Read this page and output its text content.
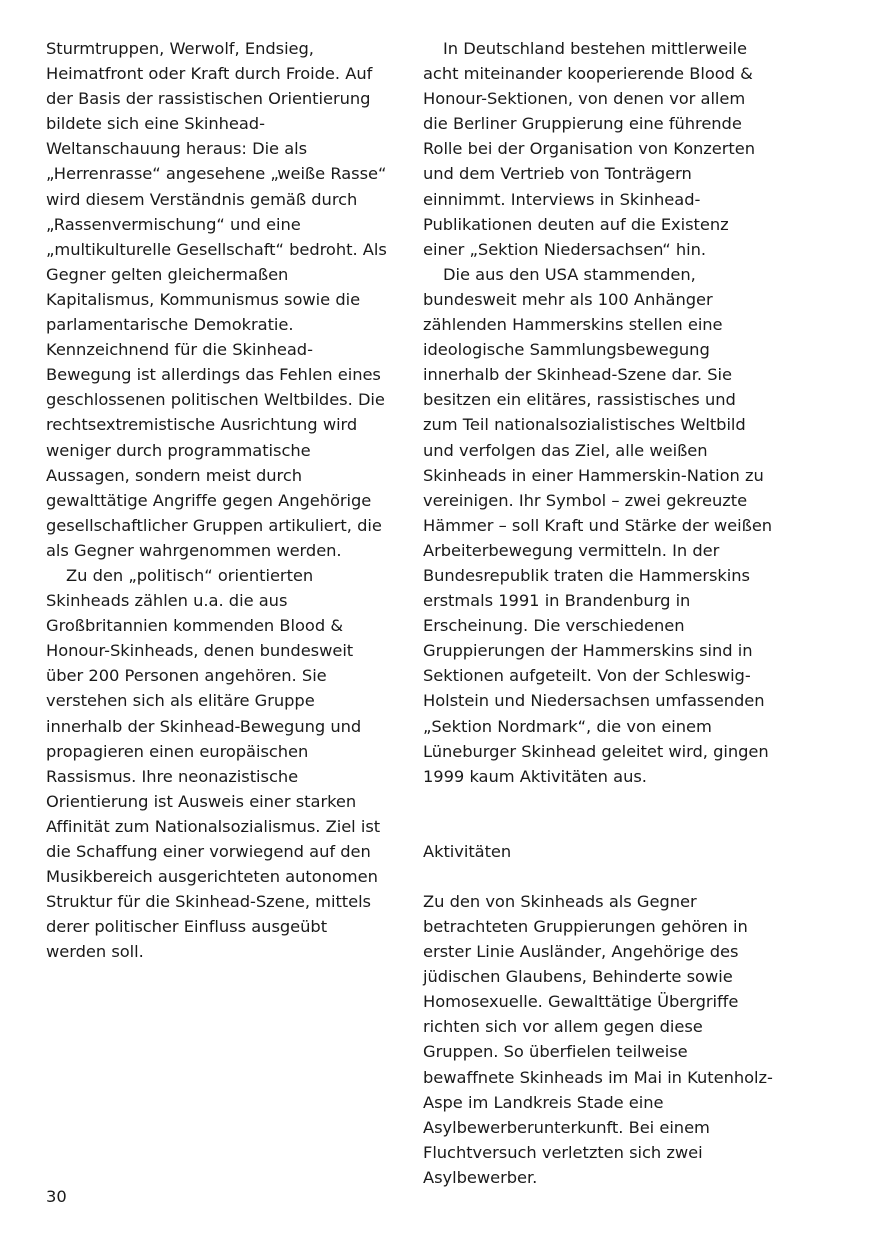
Sturmtruppen, Werwolf, Endsieg, Heimatfront oder Kraft durch Froide. Auf der Basis der rassistischen Orientierung bildete sich eine Skinhead-Weltanschauung heraus: Die als „Herrenrasse“ angesehene „weiße Rasse“ wird diesem Verständnis gemäß durch „Rassenvermischung“ und eine „multikulturelle Gesellschaft“ bedroht. Als Gegner gelten gleichermaßen Kapitalismus, Kommunismus sowie die parlamentarische Demokratie. Kennzeichnend für die Skinhead-Bewegung ist allerdings das Fehlen eines geschlossenen politischen Weltbildes. Die rechtsextremistische Ausrichtung wird weniger durch programmatische Aussagen, sondern meist durch gewalttätige Angriffe gegen Angehörige gesellschaftlicher Gruppen artikuliert, die als Gegner wahrgenommen werden.

Zu den „politisch“ orientierten Skinheads zählen u.a. die aus Großbritannien kommenden Blood & Honour-Skinheads, denen bundesweit über 200 Personen angehören. Sie verstehen sich als elitäre Gruppe innerhalb der Skinhead-Bewegung und propagieren einen europäischen Rassismus. Ihre neonazistische Orientierung ist Ausweis einer starken Affinität zum Nationalsozialismus. Ziel ist die Schaffung einer vorwiegend auf den Musikbereich ausgerichteten autonomen Struktur für die Skinhead-Szene, mittels derer politischer Einfluss ausgeübt werden soll.

In Deutschland bestehen mittlerweile acht miteinander kooperierende Blood & Honour-Sektionen, von denen vor allem die Berliner Gruppierung eine führende Rolle bei der Organisation von Konzerten und dem Vertrieb von Tonträgern einnimmt. Interviews in Skinhead-Publikationen deuten auf die Existenz einer „Sektion Niedersachsen“ hin.

Die aus den USA stammenden, bundesweit mehr als 100 Anhänger zählenden Hammerskins stellen eine ideologische Sammlungsbewegung innerhalb der Skinhead-Szene dar. Sie besitzen ein elitäres, rassistisches und zum Teil nationalsozialistisches Weltbild und verfolgen das Ziel, alle weißen Skinheads in einer Hammerskin-Nation zu vereinigen. Ihr Symbol – zwei gekreuzte Hämmer – soll Kraft und Stärke der weißen Arbeiterbewegung vermitteln. In der Bundesrepublik traten die Hammerskins erstmals 1991 in Brandenburg in Erscheinung. Die verschiedenen Gruppierungen der Hammerskins sind in Sektionen aufgeteilt. Von der Schleswig-Holstein und Niedersachsen umfassenden „Sektion Nordmark“, die von einem Lüneburger Skinhead geleitet wird, gingen 1999 kaum Aktivitäten aus.

Aktivitäten

Zu den von Skinheads als Gegner betrachteten Gruppierungen gehören in erster Linie Ausländer, Angehörige des jüdischen Glaubens, Behinderte sowie Homosexuelle. Gewalttätige Übergriffe richten sich vor allem gegen diese Gruppen. So überfielen teilweise bewaffnete Skinheads im Mai in Kutenholz-Aspe im Landkreis Stade eine Asylbewerberunterkunft. Bei einem Fluchtversuch verletzten sich zwei Asylbewerber.

30
